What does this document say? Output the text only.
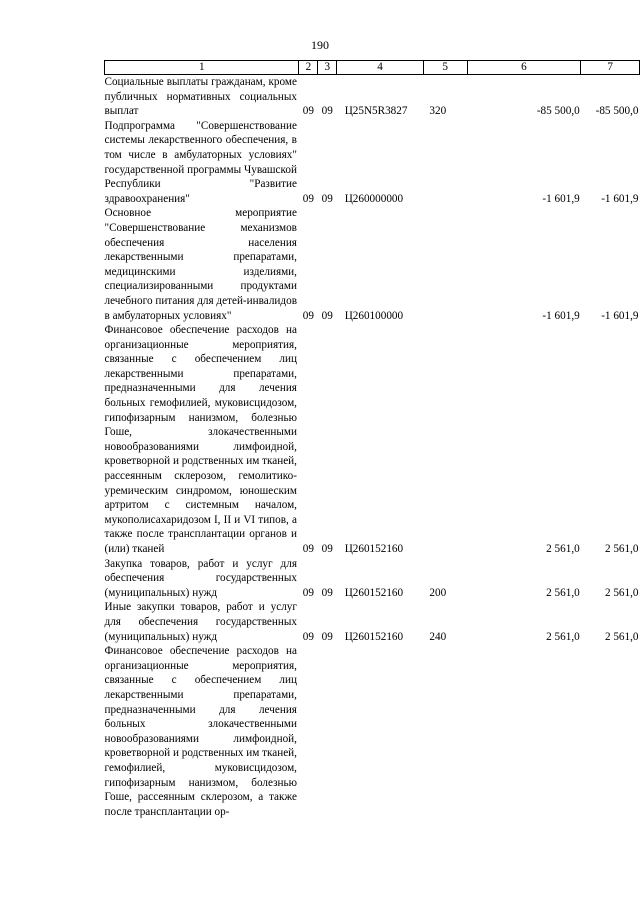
190
1	2	3	4	5	6	7
Социальные выплаты гражданам, кроме публичных нормативных социальных выплат	09	09	Ц25N5R3827	320	-85 500,0	-85 500,0
Подпрограмма "Совершенствование системы лекарственного обеспечения, в том числе в амбулаторных условиях" государственной программы Чувашской Республики "Развитие здравоохранения"	09	09	Ц260000000		-1 601,9	-1 601,9
Основное мероприятие "Совершенствование механизмов обеспечения населения лекарственными препаратами, медицинскими изделиями, специализированными продуктами лечебного питания для детей-инвалидов в амбулаторных условиях"	09	09	Ц260100000		-1 601,9	-1 601,9
Финансовое обеспечение расходов на организационные мероприятия, связанные с обеспечением лиц лекарственными препаратами, предназначенными для лечения больных гемофилией, муковисцидозом, гипофизарным нанизмом, болезнью Гоше, злокачественными новообразованиями лимфоидной, кроветворной и родственных им тканей, рассеянным склерозом, гемолитико-уремическим синдромом, юношеским артритом с системным началом, мукополисахаридозом I, II и VI типов, а также после трансплантации органов и (или) тканей	09	09	Ц260152160		2 561,0	2 561,0
Закупка товаров, работ и услуг для обеспечения государственных (муниципальных) нужд	09	09	Ц260152160	200	2 561,0	2 561,0
Иные закупки товаров, работ и услуг для обеспечения государственных (муниципальных) нужд	09	09	Ц260152160	240	2 561,0	2 561,0
Финансовое обеспечение расходов на организационные мероприятия, связанные с обеспечением лиц лекарственными препаратами, предназначенными для лечения больных злокачественными новообразованиями лимфоидной, кроветворной и родственных им тканей, гемофилией, муковисцидозом, гипофизарным нанизмом, болезнью Гоше, рассеянным склерозом, а также после трансплантации ор-						
